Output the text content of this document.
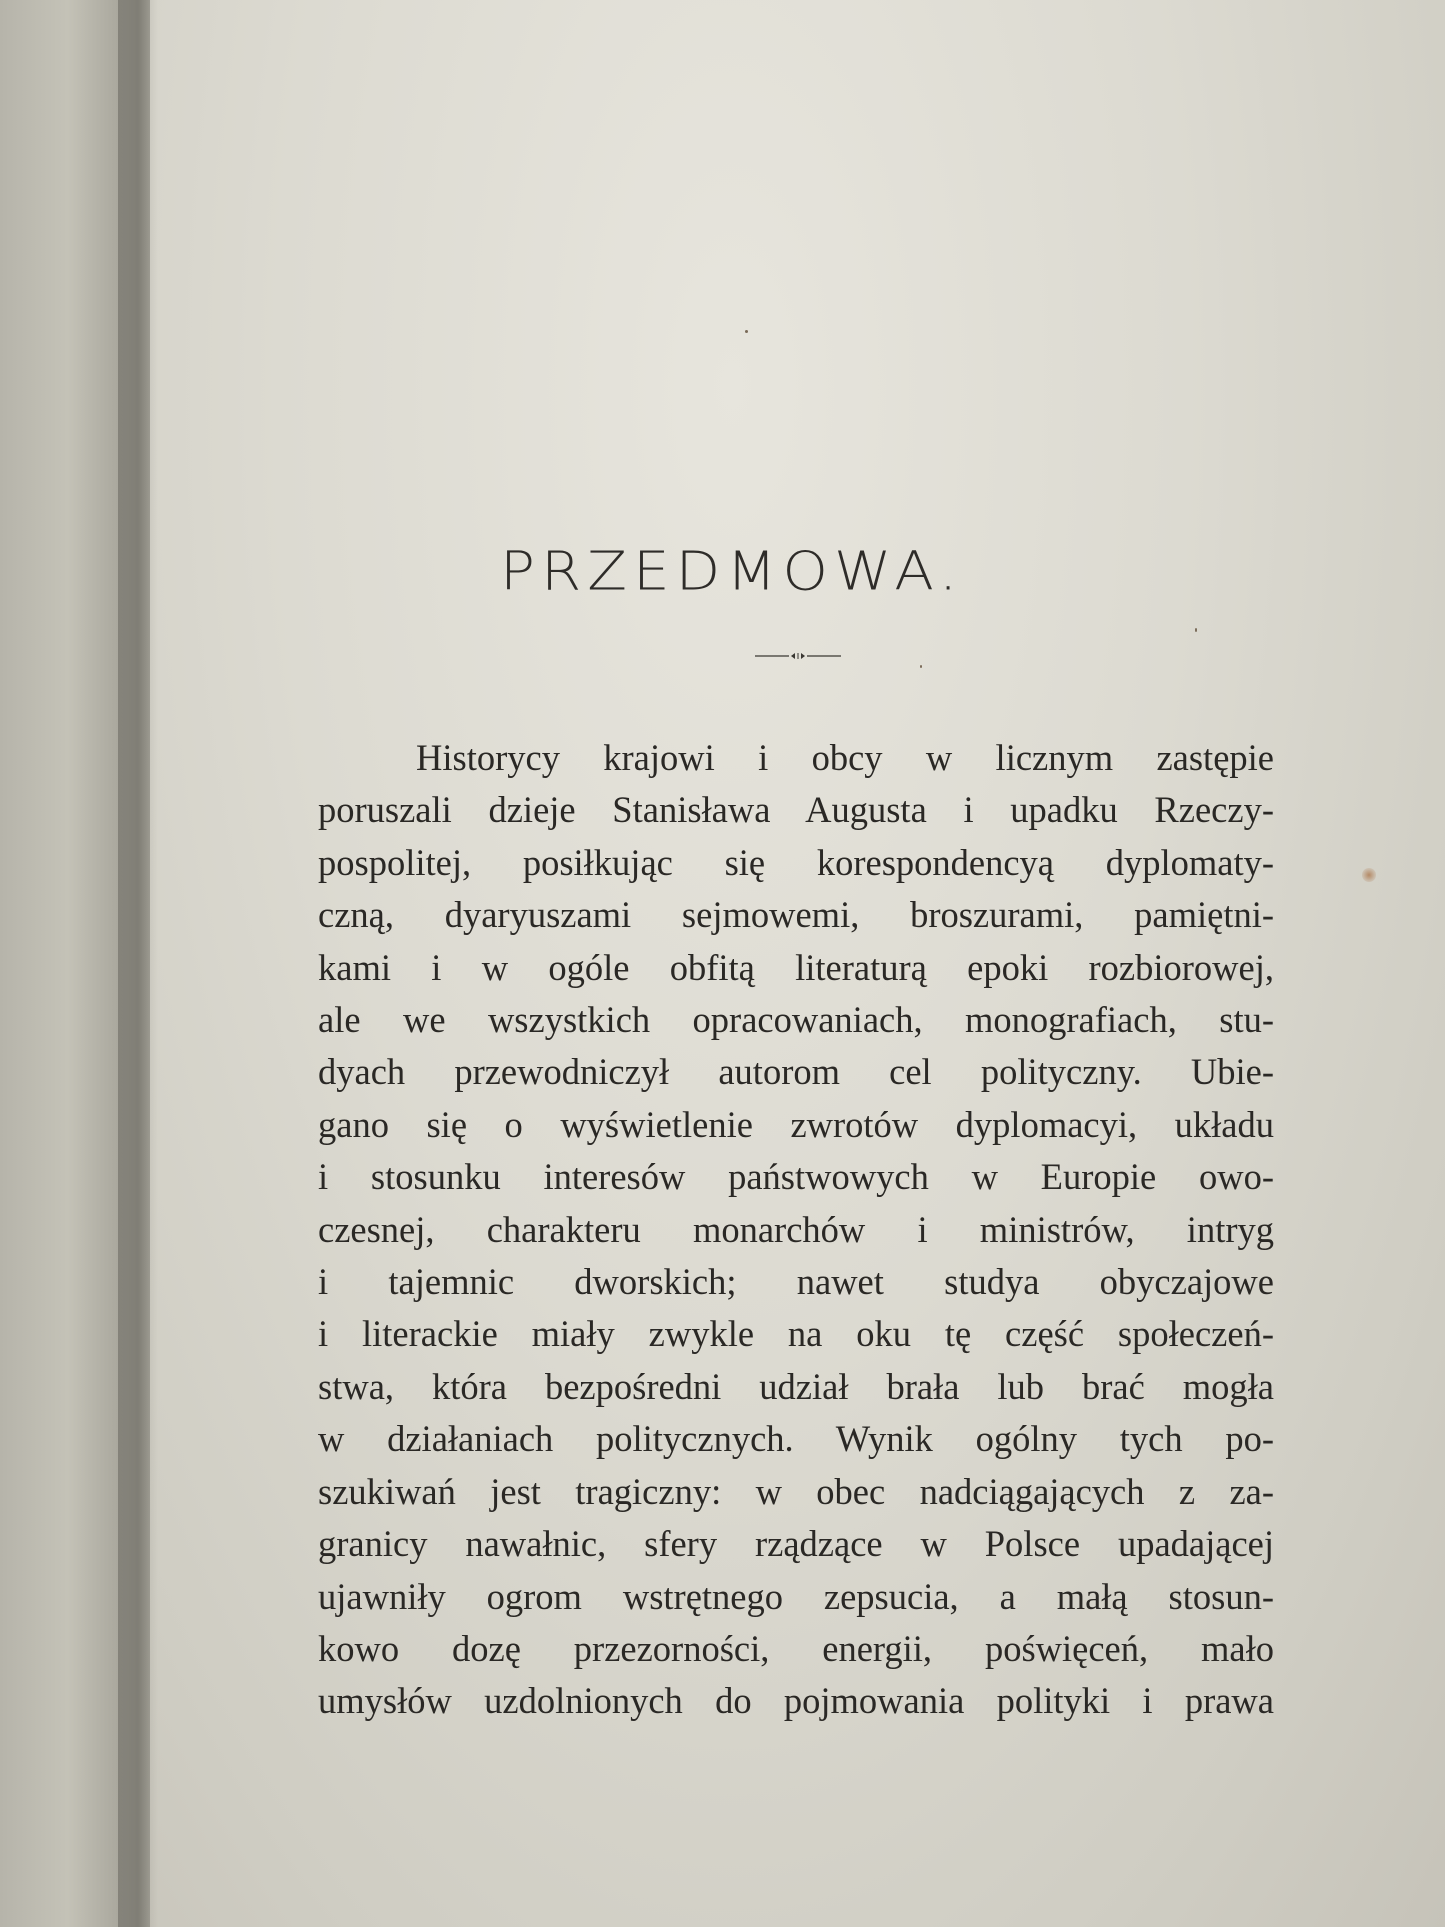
PRZEDMOWA.
Historycy krajowi i obcy w licznym zastępie
poruszali dzieje Stanisława Augusta i upadku Rzeczy-
pospolitej, posiłkując się korespondencyą dyplomaty-
czną, dyaryuszami sejmowemi, broszurami, pamiętni-
kami i w ogóle obfitą literaturą epoki rozbiorowej,
ale we wszystkich opracowaniach, monografiach, stu-
dyach przewodniczył autorom cel polityczny. Ubie-
gano się o wyświetlenie zwrotów dyplomacyi, układu
i stosunku interesów państwowych w Europie owo-
czesnej, charakteru monarchów i ministrów, intryg
i tajemnic dworskich; nawet studya obyczajowe
i literackie miały zwykle na oku tę część społeczeń-
stwa, która bezpośredni udział brała lub brać mogła
w działaniach politycznych. Wynik ogólny tych po-
szukiwań jest tragiczny: w obec nadciągających z za-
granicy nawałnic, sfery rządzące w Polsce upadającej
ujawniły ogrom wstrętnego zepsucia, a małą stosun-
kowo dozę przezorności, energii, poświęceń, mało
umysłów uzdolnionych do pojmowania polityki i prawa
